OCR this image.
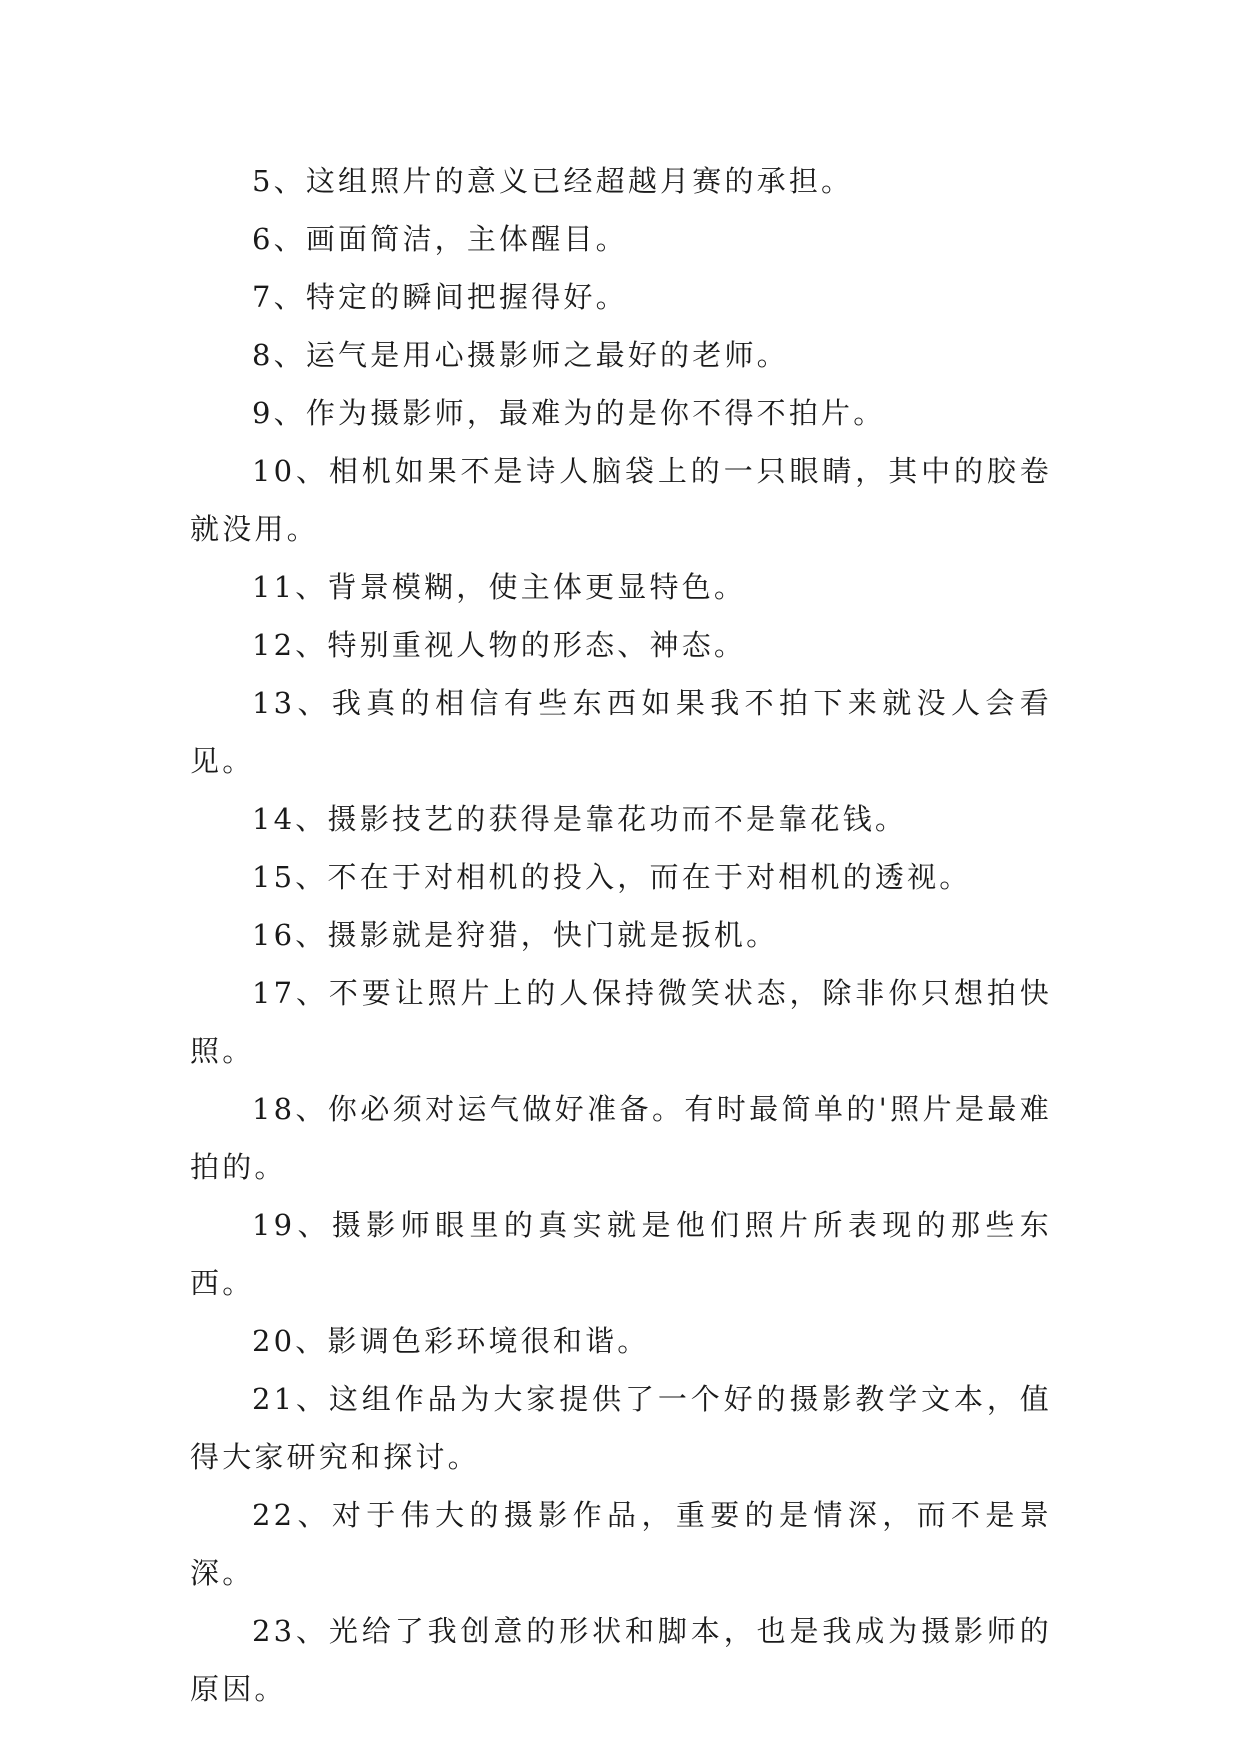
5、这组照片的意义已经超越月赛的承担。

6、画面简洁，主体醒目。

7、特定的瞬间把握得好。

8、运气是用心摄影师之最好的老师。

9、作为摄影师，最难为的是你不得不拍片。

10、相机如果不是诗人脑袋上的一只眼睛，其中的胶卷就没用。

11、背景模糊，使主体更显特色。

12、特别重视人物的形态、神态。

13、我真的相信有些东西如果我不拍下来就没人会看见。

14、摄影技艺的获得是靠花功而不是靠花钱。

15、不在于对相机的投入，而在于对相机的透视。

16、摄影就是狩猎，快门就是扳机。

17、不要让照片上的人保持微笑状态，除非你只想拍快照。

18、你必须对运气做好准备。有时最简单的'照片是最难拍的。

19、摄影师眼里的真实就是他们照片所表现的那些东西。

20、影调色彩环境很和谐。

21、这组作品为大家提供了一个好的摄影教学文本，值得大家研究和探讨。

22、对于伟大的摄影作品，重要的是情深，而不是景深。

23、光给了我创意的形状和脚本，也是我成为摄影师的原因。
